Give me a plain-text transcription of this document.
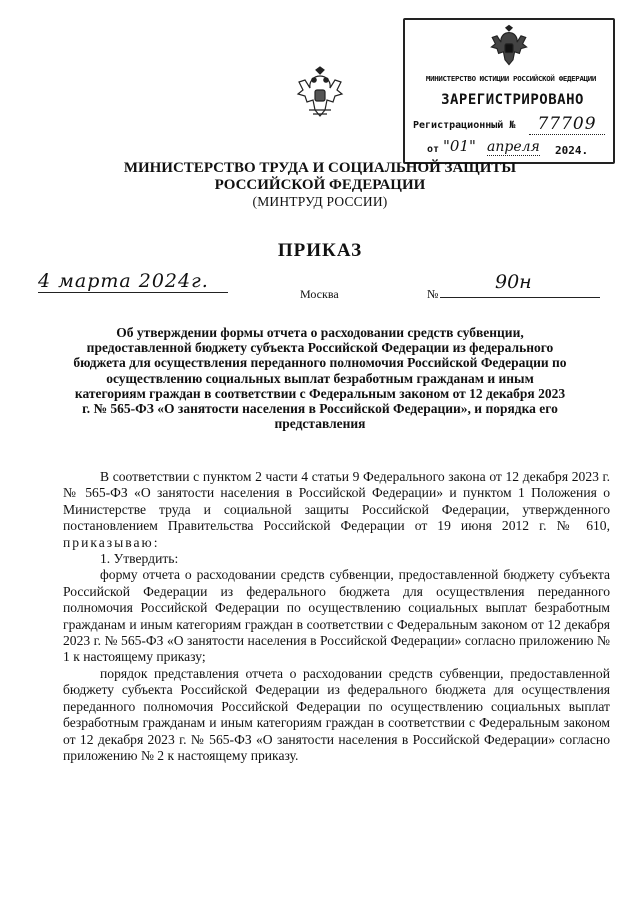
МИНИСТЕРСТВО ЮСТИЦИИ РОССИЙСКОЙ ФЕДЕРАЦИИ
ЗАРЕГИСТРИРОВАНО
Регистрационный №	77709
от "01" апреля 2024.
МИНИСТЕРСТВО ТРУДА И СОЦИАЛЬНОЙ ЗАЩИТЫ
РОССИЙСКОЙ ФЕДЕРАЦИИ
(МИНТРУД РОССИИ)
ПРИКАЗ
4 марта 2024г.
Москва	№
90н
Об утверждении формы отчета о расходовании средств субвенции, предоставленной бюджету субъекта Российской Федерации из федерального бюджета для осуществления переданного полномочия Российской Федерации по осуществлению социальных выплат безработным гражданам и иным категориям граждан в соответствии с Федеральным законом от 12 декабря 2023 г. № 565-ФЗ «О занятости населения в Российской Федерации», и порядка его представления

В соответствии с пунктом 2 части 4 статьи 9 Федерального закона от 12 декабря 2023 г. № 565-ФЗ «О занятости населения в Российской Федерации» и пунктом 1 Положения о Министерстве труда и социальной защиты Российской Федерации, утвержденного постановлением Правительства Российской Федерации от 19 июня 2012 г. № 610, приказываю:

1. Утвердить:

форму отчета о расходовании средств субвенции, предоставленной бюджету субъекта Российской Федерации из федерального бюджета для осуществления переданного полномочия Российской Федерации по осуществлению социальных выплат безработным гражданам и иным категориям граждан в соответствии с Федеральным законом от 12 декабря 2023 г. № 565-ФЗ «О занятости населения в Российской Федерации» согласно приложению № 1 к настоящему приказу;

порядок представления отчета о расходовании средств субвенции, предоставленной бюджету субъекта Российской Федерации из федерального бюджета для осуществления переданного полномочия Российской Федерации по осуществлению социальных выплат безработным гражданам и иным категориям граждан в соответствии с Федеральным законом от 12 декабря 2023 г. № 565-ФЗ «О занятости населения в Российской Федерации» согласно приложению № 2 к настоящему приказу.
